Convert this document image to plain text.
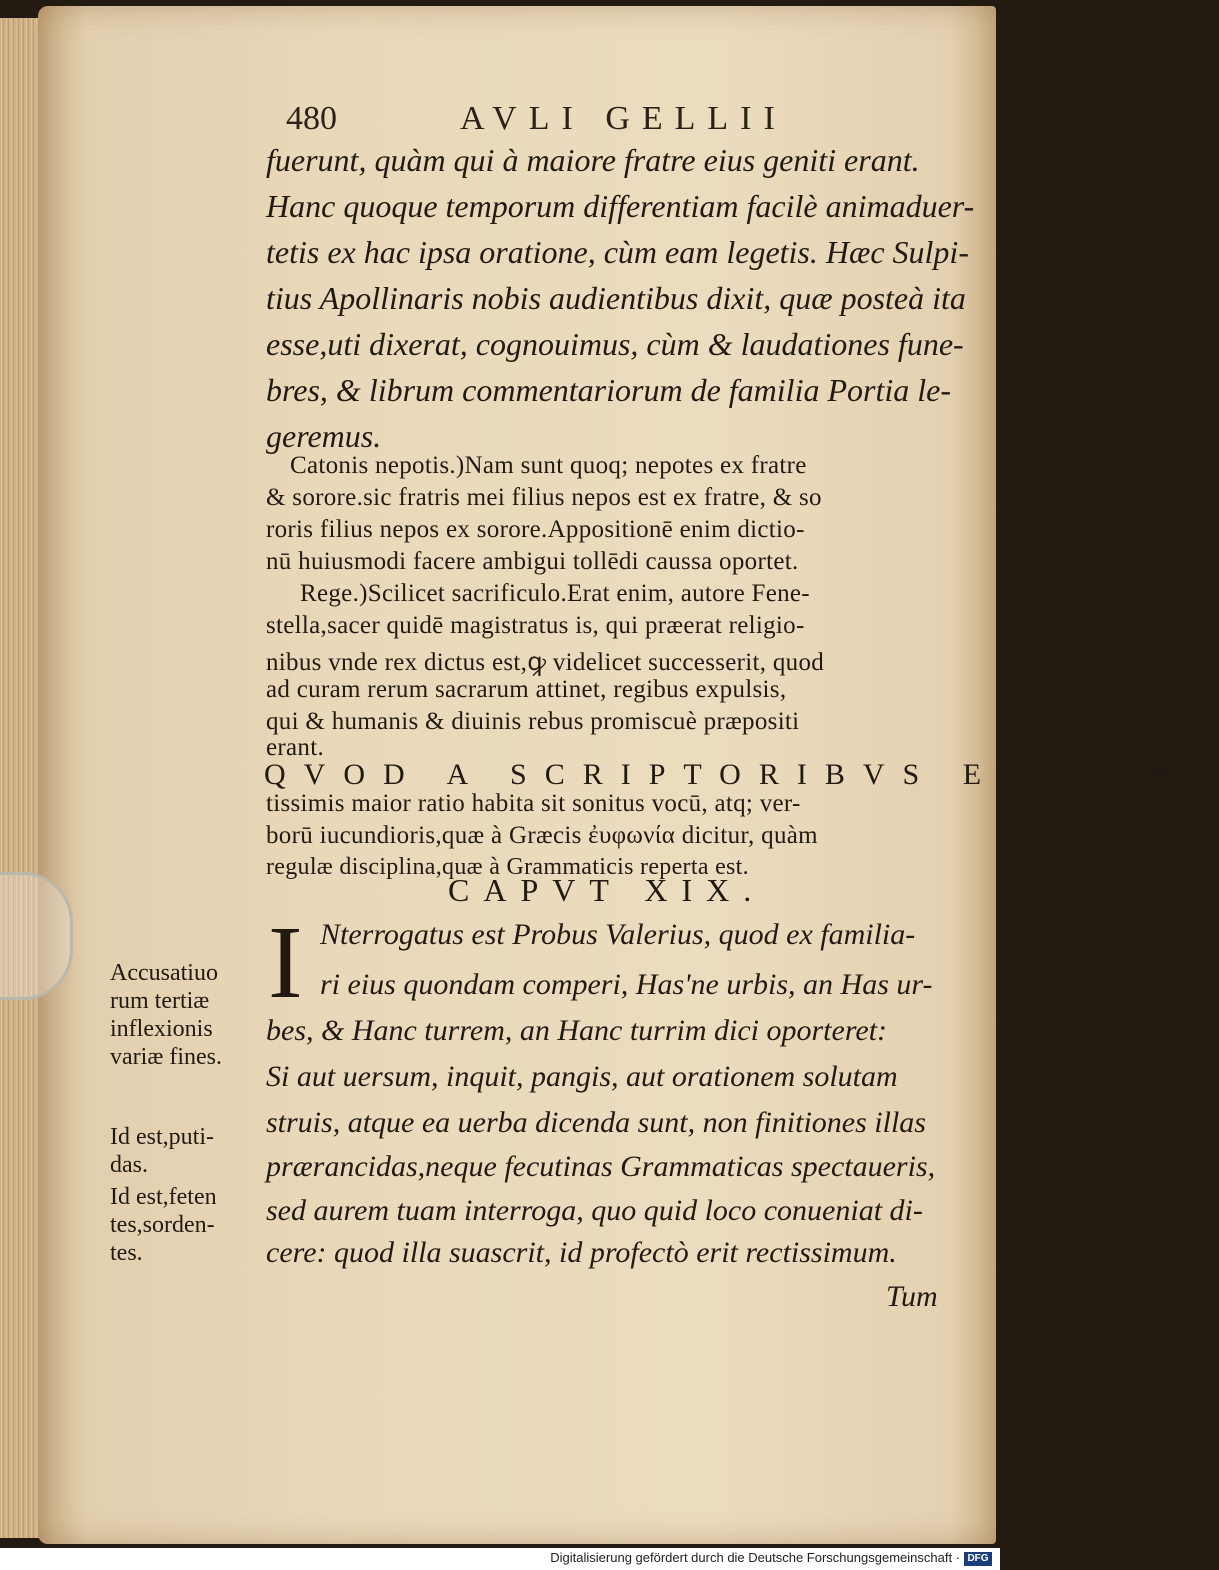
480	AVLI GELLII
fuerunt, quàm qui à maiore fratre eius geniti erant.
Hanc quoque temporum differentiam facilè animaduer-
tetis ex hac ipsa oratione, cùm eam legetis. Hæc Sulpi-
tius Apollinaris nobis audientibus dixit, quæ posteà ita
esse,uti dixerat, cognouimus, cùm & laudationes fune-
bres, & librum commentariorum de familia Portia le-
geremus.
Catonis nepotis.)Nam sunt quoq; nepotes ex fratre
& sorore.sic fratris mei filius nepos est ex fratre, & so
roris filius nepos ex sorore.Appositionē enim dictio-
nū huiusmodi facere ambigui tollēdi caussa oportet.
Rege.)Scilicet sacrificulo.Erat enim, autore Fene-
stella,sacer quidē magistratus is, qui præerat religio-
nibus vnde rex dictus est,ꝙ videlicet successerit, quod
ad curam rerum sacrarum attinet, regibus expulsis,
qui & humanis & diuinis rebus promiscuè præpositi
erant.
QVOD A SCRIPTORIBVS ELEGAN-
tissimis maior ratio habita sit sonitus vocū, atq; ver-
borū iucundioris,quæ à Græcis ἐυφωνία dicitur, quàm
regulæ disciplina,quæ à Grammaticis reperta est.
CAPVT XIX.
I Nterrogatus est Probus Valerius, quod ex familia-
ri eius quondam comperi, Has'ne urbis, an Has ur-
bes, & Hanc turrem, an Hanc turrim dici oporteret:
Si aut uersum, inquit, pangis, aut orationem solutam
struis, atque ea uerba dicenda sunt, non finitiones illas
prærancidas,neque fecutinas Grammaticas spectaueris,
sed aurem tuam interroga, quo quid loco conueniat di-
cere: quod illa suascrit, id profectò erit rectissimum.
Tum
Accusatiuo
rum tertiæ
inflexionis
variæ fines.
Id est,puti-
das.
Id est,feten
tes,sorden-
tes.
Digitalisierung gefördert durch die Deutsche Forschungsgemeinschaft · DFG
